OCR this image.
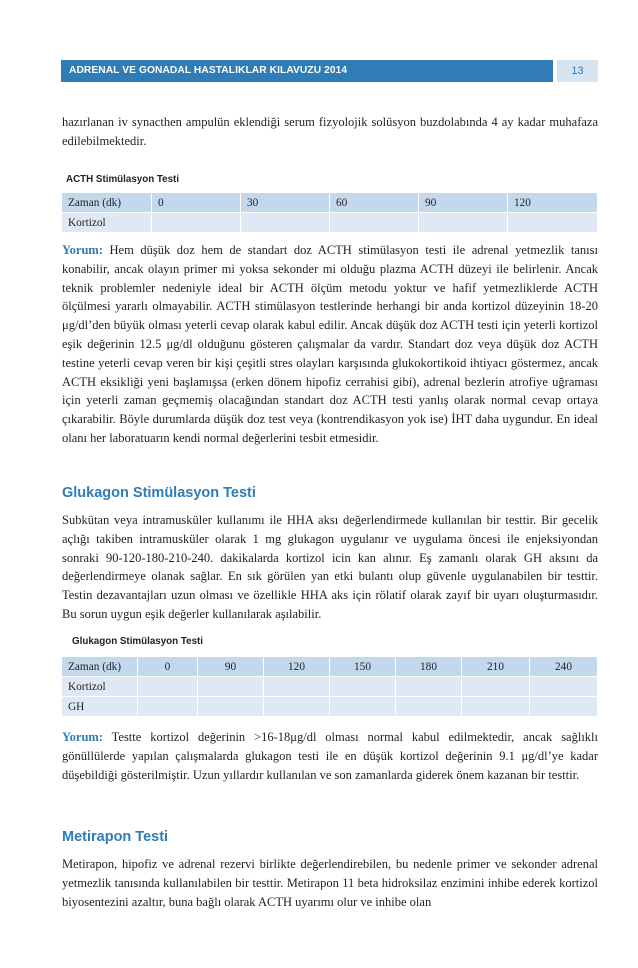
ADRENAL VE GONADAL HASTALIKLAR KILAVUZU 2014	13

hazırlanan iv synacthen ampulün eklendiği serum fizyolojik solüsyon buzdolabında 4 ay kadar muhafaza edilebilmektedir.

ACTH Stimülasyon Testi
Zaman (dk)	0	30	60	90	120
Kortizol					

Yorum: Hem düşük doz hem de standart doz ACTH stimülasyon testi ile adrenal yetmezlik tanısı konabilir, ancak olayın primer mi yoksa sekonder mi olduğu plazma ACTH düzeyi ile belirlenir. Ancak teknik problemler nedeniyle ideal bir ACTH ölçüm metodu yoktur ve hafif yetmezliklerde ACTH ölçülmesi yararlı olmayabilir. ACTH stimülasyon testlerinde herhangi bir anda kortizol düzeyinin 18-20 μg/dl’den büyük olması yeterli cevap olarak kabul edilir. Ancak düşük doz ACTH testi için yeterli kortizol eşik değerinin 12.5 μg/dl olduğunu gösteren çalışmalar da vardır. Standart doz veya düşük doz ACTH testine yeterli cevap veren bir kişi çeşitli stres olayları karşısında glukokortikoid ihtiyacı göstermez, ancak ACTH eksikliği yeni başlamışsa (erken dönem hipofiz cerrahisi gibi), adrenal bezlerin atrofiye uğraması için yeterli zaman geçmemiş olacağından standart doz ACTH testi yanlış olarak normal cevap ortaya çıkarabilir. Böyle durumlarda düşük doz test veya (kontrendikasyon yok ise) İHT daha uygundur. En ideal olanı her laboratuarın kendi normal değerlerini tesbit etmesidir.

Glukagon Stimülasyon Testi

Subkütan veya intramusküler kullanımı ile HHA aksı değerlendirmede kullanılan bir testtir. Bir gecelik açlığı takiben intramusküler olarak 1 mg glukagon uygulanır ve uygulama öncesi ile enjeksiyondan sonraki 90-120-180-210-240. dakikalarda kortizol icin kan alınır. Eş zamanlı olarak GH aksını da değerlendirmeye olanak sağlar. En sık görülen yan etki bulantı olup güvenle uygulanabilen bir testtir. Testin dezavantajları uzun olması ve özellikle HHA aks için rölatif olarak zayıf bir uyarı oluşturmasıdır. Bu sorun uygun eşik değerler kullanılarak aşılabilir.

Glukagon Stimülasyon Testi
Zaman (dk)	0	90	120	150	180	210	240
Kortizol							
GH							

Yorum: Testte kortizol değerinin >16-18μg/dl olması normal kabul edilmektedir, ancak sağlıklı gönüllülerde yapılan çalışmalarda glukagon testi ile en düşük kortizol değerinin 9.1 μg/dl’ye kadar düşebildiği gösterilmiştir. Uzun yıllardır kullanılan ve son zamanlarda giderek önem kazanan bir testtir.

Metirapon Testi

Metirapon, hipofiz ve adrenal rezervi birlikte değerlendirebilen, bu nedenle primer ve sekonder adrenal yetmezlik tanısında kullanılabilen bir testtir. Metirapon 11 beta hidroksilaz enzimini inhibe ederek kortizol biyosentezini azaltır, buna bağlı olarak ACTH uyarımı olur ve inhibe olan
